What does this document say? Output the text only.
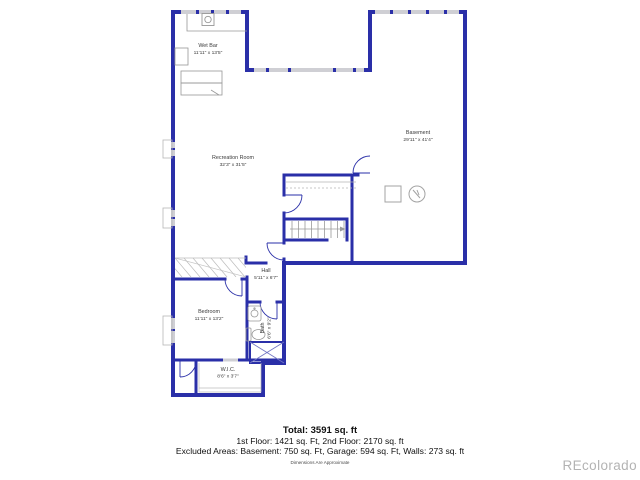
Wet Bar
11'11" x 13'5"
Recreation Room
32'3" x 31'5"
Basement
29'11" x 41'4"
Hall
5'11" x 6'7"
Bedroom
11'11" x 13'2"
Bath 6'6" x 9'2"
W.I.C.
8'6" x 3'7"
Total: 3591 sq. ft
1st Floor: 1421 sq. Ft, 2nd Floor: 2170 sq. ft
Excluded Areas: Basement: 750 sq. Ft, Garage: 594 sq. Ft, Walls: 273 sq. ft
Dimensions Are Approximate	REcolorado
